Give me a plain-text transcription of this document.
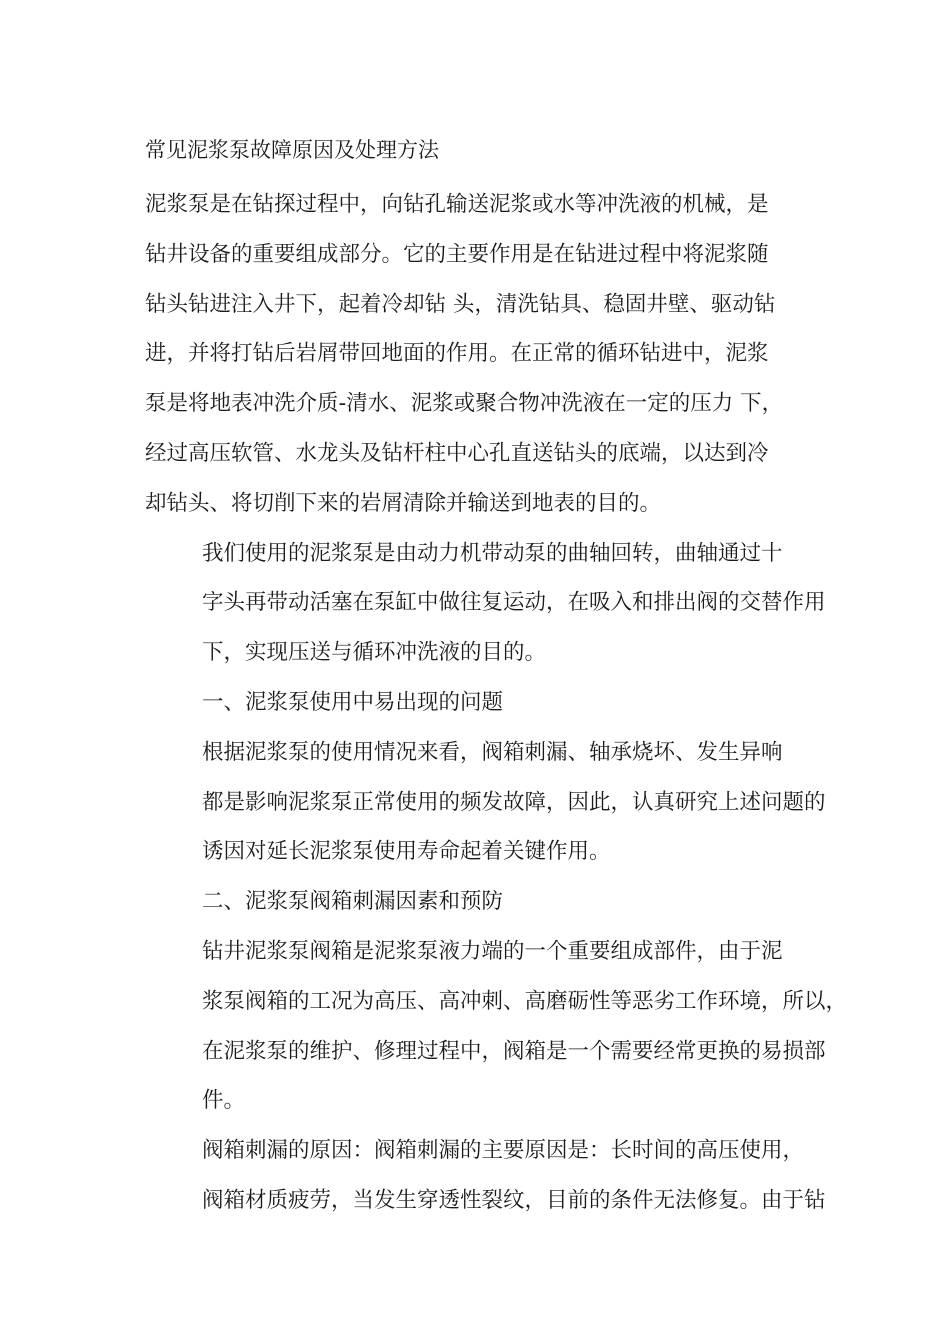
常见泥浆泵故障原因及处理方法

泥浆泵是在钻探过程中，向钻孔输送泥浆或水等冲洗液的机械，是
钻井设备的重要组成部分。它的主要作用是在钻进过程中将泥浆随
钻头钻进注入井下，起着冷却钻 头，清洗钻具、稳固井壁、驱动钻
进，并将打钻后岩屑带回地面的作用。在正常的循环钻进中，泥浆
泵是将地表冲洗介质-清水、泥浆或聚合物冲洗液在一定的压力 下，
经过高压软管、水龙头及钻杆柱中心孔直送钻头的底端，以达到冷
却钻头、将切削下来的岩屑清除并输送到地表的目的。

我们使用的泥浆泵是由动力机带动泵的曲轴回转，曲轴通过十
字头再带动活塞在泵缸中做往复运动，在吸入和排出阀的交替作用
下，实现压送与循环冲洗液的目的。

一、泥浆泵使用中易出现的问题

根据泥浆泵的使用情况来看，阀箱刺漏、轴承烧坏、发生异响
都是影响泥浆泵正常使用的频发故障，因此，认真研究上述问题的
诱因对延长泥浆泵使用寿命起着关键作用。

二、泥浆泵阀箱刺漏因素和预防

钻井泥浆泵阀箱是泥浆泵液力端的一个重要组成部件，由于泥
浆泵阀箱的工况为高压、高冲刺、高磨砺性等恶劣工作环境，所以，
在泥浆泵的维护、修理过程中，阀箱是一个需要经常更换的易损部
件。

阀箱刺漏的原因：阀箱刺漏的主要原因是：长时间的高压使用，
阀箱材质疲劳，当发生穿透性裂纹，目前的条件无法修复。由于钻
